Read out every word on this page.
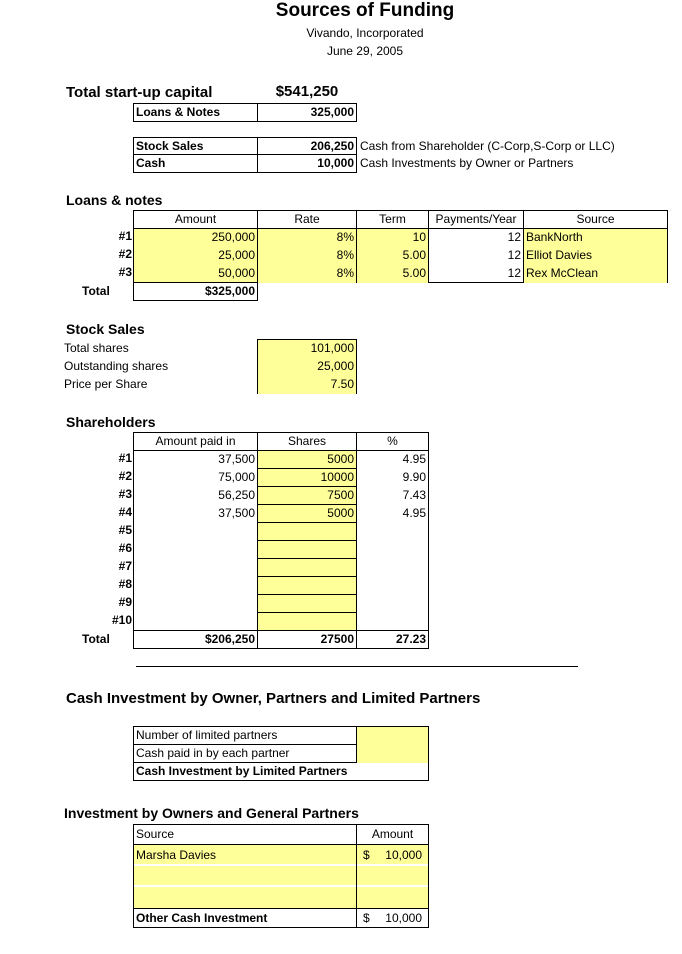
Sources of Funding
Vivando, Incorporated
June 29, 2005
Total start-up capital	$541,250
Loans & Notes	325,000
Stock Sales	206,250 Cash from Shareholder (C-Corp,S-Corp or LLC)
Cash	10,000 Cash Investments by Owner or Partners
Loans & notes
Amount	Rate	Term	Payments/Year	Source
#1	250,000	8%	10	12 BankNorth
#2	25,000	8%	5.00	12 Elliot Davies
#3	50,000	8%	5.00	12 Rex McClean
Total	$325,000
Stock Sales
Total shares	101,000
Outstanding shares	25,000
Price per Share	7.50
Shareholders
Amount paid in	Shares	%
#1	37,500	5000	4.95
#2	75,000	10000	9.90
#3	56,250	7500	7.43
#4	37,500	5000	4.95
#5
#6
#7
#8
#9
#10
Total	$206,250	27500	27.23
Cash Investment by Owner, Partners and Limited Partners
Number of limited partners
Cash paid in by each partner
Cash Investment by Limited Partners
Investment by Owners and General Partners
Source	Amount
Marsha Davies	$ 10,000
Other Cash Investment	$ 10,000
